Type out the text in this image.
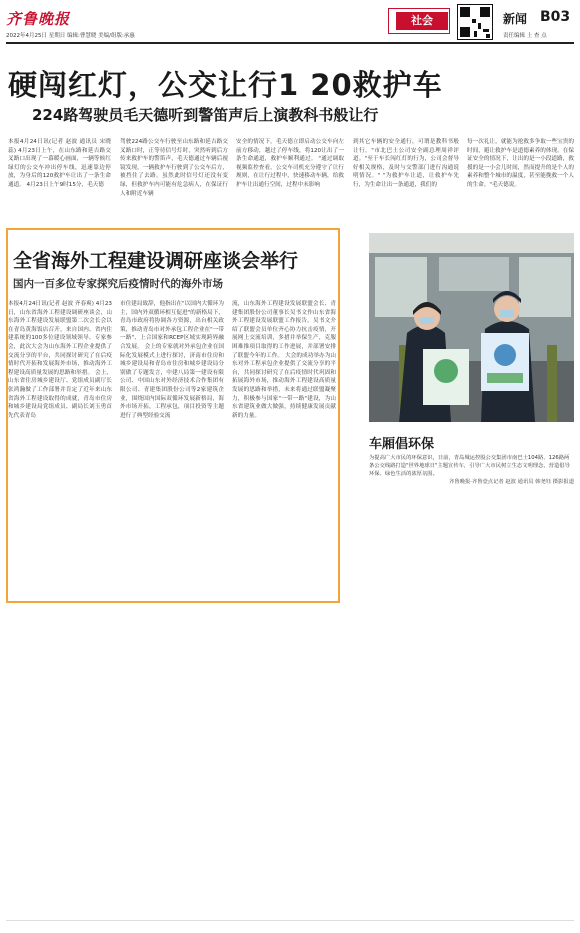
齐鲁晚报
2022年4月25日 星期日 编辑:曹慧晓 美编/组版:承惠
社会	新闻 B03
责任编辑 上 查 点
硬闯红灯，公交让行1 20救护车
224路驾驶员毛天德听到警笛声后上演教科书般让行
本报4月24日讯(记者 赵波 通讯员 宋晓蕊) 4月23日上午，在山东路和延吉路交叉路口出现了一幕暖心画面，一辆等候红绿灯的公交车冲出停车线，迅速靠边停放，为身后的120救护车让出了一条生命通道。 4月23日上午9时15分，毛天德
驾驶224路公交车行驶至山东路和延吉路交叉路口时，正等待信号灯时，突然听到后方传来救护车的警笛声，毛天德通过车辆后视镜发现，一辆救护车行驶到了公交车后方，被挡住了去路。虽然此时信号灯还没有变绿，但救护车内可能有危急病人，在保证行人和附近车辆
安全的情况下，毛天德立即启动公交车向左前方移动，越过了停车线，将120让出了一条生命通道，救护车顺利通过。 "通过调取视频监控查看，公交车司机充分遵守了让行规则，在让行过程中，快速移动车辆，给救护车让出通行空间，过程中未影响
到其它车辆的安全通行，可谓是教科书般让行。"市北巴士公司安全副总理周祥评道。"至于车长闯红灯的行为，公司会督导好相关规格，及时与交警部门进行沟通说明情况。" "为救护车让道，让救护车先行，为生命让出一条通道，我们的
每一次礼让，就能为抢救多争取一些宝贵的时间，避让救护车是道德素养的体现。在保证安全的情况下，让出的是一小段道路，救援的是一小会儿时间，然而提升的是个人的素养和整个城市的温度，甚至能挽救一个人的生命。"毛天德说。
全省海外工程建设调研座谈会举行
国内一百多位专家探究后疫情时代的海外市场
本报4月24日讯(记者 赵波 齐春爽) 4月23日，山东省海外工程建设调研座谈会，山东海外工程建设发展联盟第二次会长会以在青岛黄海饭店召开，来自国内、省内住建系统的100多位建设领域领导、专家参会，此次大会为山东海外工程企业提供了交流分享的平台，共同探讨研究了在后疫情时代开拓和发展海外市场，推动海外工程建设高质量发展的思路和举措。 会上，山东省住房城乡建设厅、党组成员副厅长张鸿瀚做了工作部署并肯定了近年来山东省海外工程建设取得的成就，青岛市住房和城乡建设局党组成员、副局长刘玉勇首先代表青岛
市住建局致辞，他指出在"以国内大循环为主，国内外双循环相互促进"的新格局下，青岛市政府将协调各方资源，出台相关政策，推动青岛市对外承包工程企业在"一带一路"、上合国家和RCEP区域实现跨界融合发展。 会上的专家就对外承包企业在国际化发展模式上进行探讨，济南市住房和城乡建设局和青岛市住房和城乡建设局分别做了专题发言，中建八局第一建设有限公司、中国山东对外经济技术合作集团有限公司、青建集团股份公司等2家建筑企业，围绕国内国际双循环发展新格局，海外市场开拓，工程承包，项目投资等主题进行了典型经验交流
流，山东海外工程建设发展联盟会长、青建集团股份公司董事长吴书文作山东省海外工程建设发展联盟工作报告。吴书文介绍了联盟会员单位齐心协力抗击疫情，开展网上交流培训，多措并举保生产，克服困难推项目取得的工作进展，并部署安排了联盟今年的工作。 大会的成功举办为山东对外工程承包企业提供了交流分享的平台，共同探讨研究了在后疫情时代巩固和拓展海外市场，推动海外工程建设高质量发展的思路和举措，未来将通过联盟凝聚力，积极参与国家"一带一路"建设，为山东省建筑业做大做强，持续健康发展贡献新的力量。
车厢倡环保
为提高广大市民的环保意识，日前，青岛城运控股公交集团市南巴士104路、126路两条公交线路打造"世界地球日"主题宣传车，引导广大市民树立生态文明理念，营造倡导环保、绿色生活的浓厚氛围。
齐鲁晚报·齐鲁壹点记者 赵波 通讯员 韩尧钰 摄影报道
